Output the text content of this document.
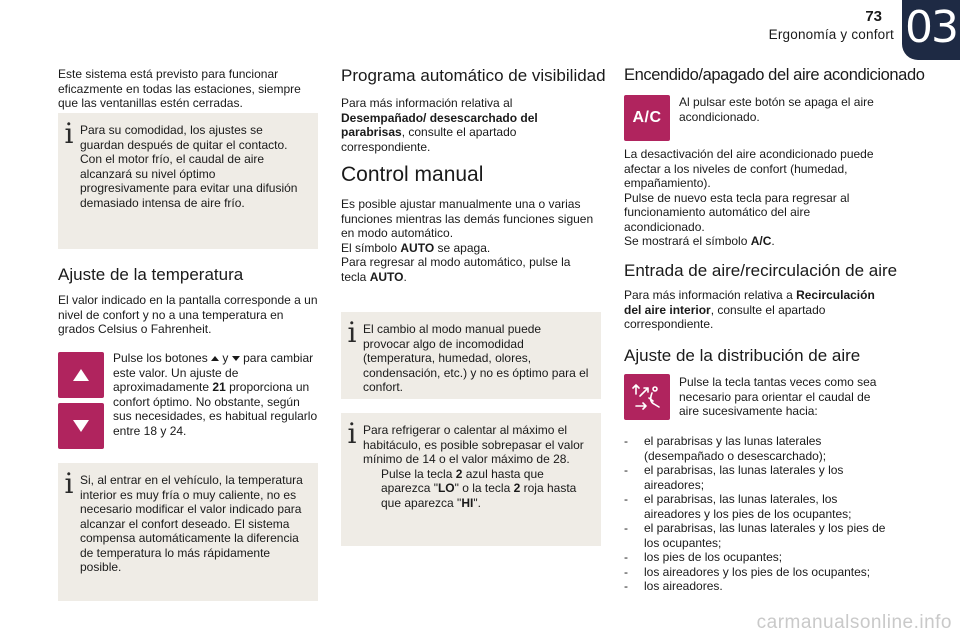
73
Ergonomía y confort 03

Este sistema está previsto para funcionar eficazmente en todas las estaciones, siempre que las ventanillas estén cerradas.

i Para su comodidad, los ajustes se guardan después de quitar el contacto.
Con el motor frío, el caudal de aire alcanzará su nivel óptimo progresivamente para evitar una difusión demasiado intensa de aire frío.
Ajuste de la temperatura

El valor indicado en la pantalla corresponde a un nivel de confort y no a una temperatura en grados Celsius o Fahrenheit.

Pulse los botones y para cambiar este valor. Un ajuste de aproximadamente 21 proporciona un confort óptimo. No obstante, según sus necesidades, es habitual regularlo entre 18 y 24.

i Si, al entrar en el vehículo, la temperatura interior es muy fría o muy caliente, no es necesario modificar el valor indicado para alcanzar el confort deseado. El sistema compensa automáticamente la diferencia de temperatura lo más rápidamente posible.
Programa automático de visibilidad

Para más información relativa al Desempañado/ desescarchado del parabrisas, consulte el apartado correspondiente.

Control manual

Es posible ajustar manualmente una o varias funciones mientras las demás funciones siguen en modo automático.

El símbolo AUTO se apaga.

Para regresar al modo automático, pulse la tecla AUTO.

i El cambio al modo manual puede provocar algo de incomodidad (temperatura, humedad, olores, condensación, etc.) y no es óptimo para el confort.
i Para refrigerar o calentar al máximo el habitáculo, es posible sobrepasar el valor mínimo de 14 o el valor máximo de 28.
Pulse la tecla 2 azul hasta que aparezca "LO" o la tecla 2 roja hasta que aparezca "HI".
Encendido/apagado del aire acondicionado
A/C

Al pulsar este botón se apaga el aire acondicionado.

La desactivación del aire acondicionado puede afectar a los niveles de confort (humedad, empañamiento).

Pulse de nuevo esta tecla para regresar al funcionamiento automático del aire acondicionado.

Se mostrará el símbolo A/C.

Entrada de aire/recirculación de aire

Para más información relativa a Recirculación del aire interior, consulte el apartado correspondiente.

Ajuste de la distribución de aire

Pulse la tecla tantas veces como sea necesario para orientar el caudal de aire sucesivamente hacia:

- el parabrisas y las lunas laterales (desempañado o desescarchado);
- el parabrisas, las lunas laterales y los aireadores;
- el parabrisas, las lunas laterales, los aireadores y los pies de los ocupantes;
- el parabrisas, las lunas laterales y los pies de los ocupantes;
- los pies de los ocupantes;
- los aireadores y los pies de los ocupantes;
- los aireadores.
carmanualsonline.info
